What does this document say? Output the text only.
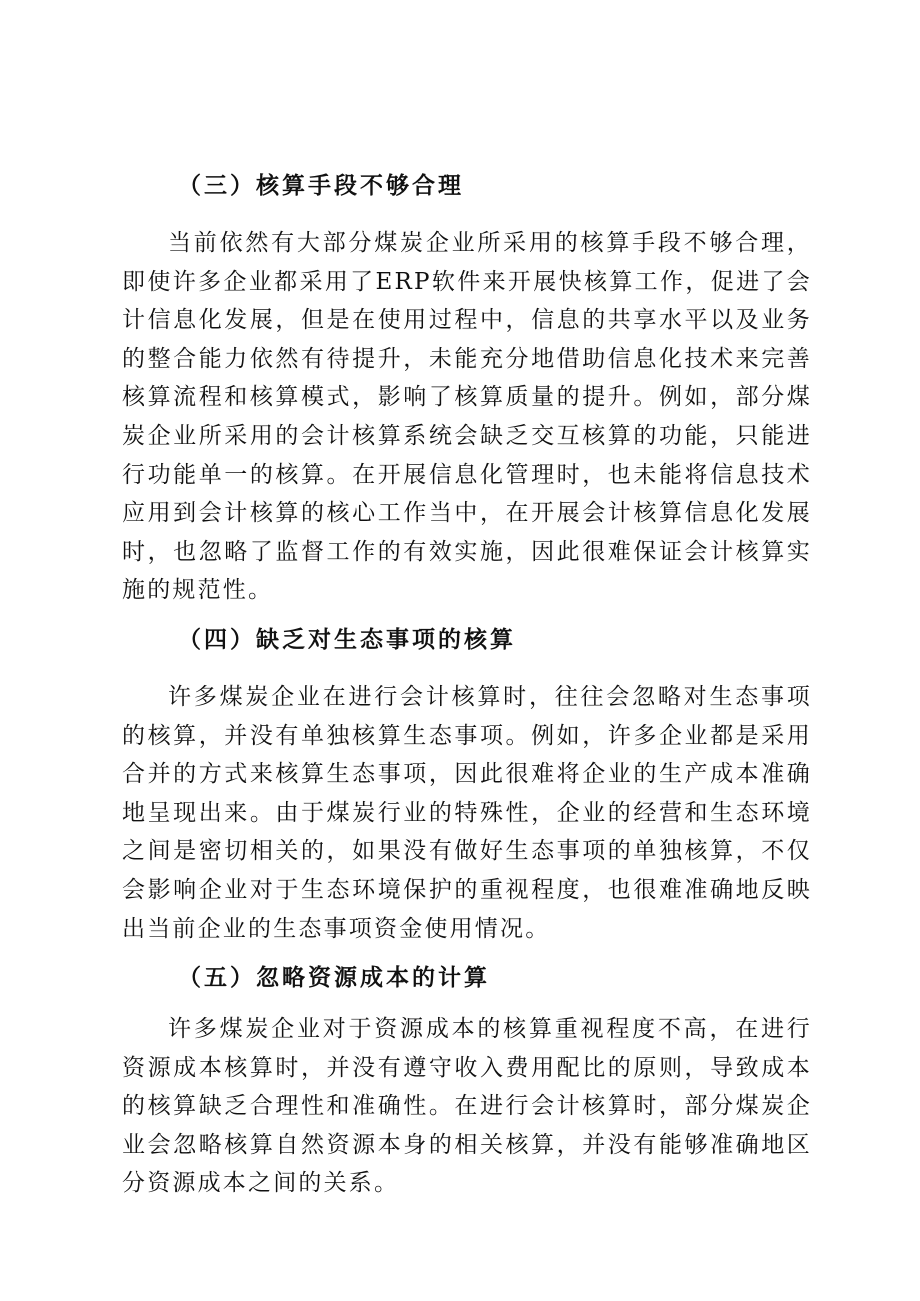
（三）核算手段不够合理

当前依然有大部分煤炭企业所采用的核算手段不够合理，即使许多企业都采用了ERP软件来开展快核算工作，促进了会计信息化发展，但是在使用过程中，信息的共享水平以及业务的整合能力依然有待提升，未能充分地借助信息化技术来完善核算流程和核算模式，影响了核算质量的提升。例如，部分煤炭企业所采用的会计核算系统会缺乏交互核算的功能，只能进行功能单一的核算。在开展信息化管理时，也未能将信息技术应用到会计核算的核心工作当中，在开展会计核算信息化发展时，也忽略了监督工作的有效实施，因此很难保证会计核算实施的规范性。

（四）缺乏对生态事项的核算

许多煤炭企业在进行会计核算时，往往会忽略对生态事项的核算，并没有单独核算生态事项。例如，许多企业都是采用合并的方式来核算生态事项，因此很难将企业的生产成本准确地呈现出来。由于煤炭行业的特殊性，企业的经营和生态环境之间是密切相关的，如果没有做好生态事项的单独核算，不仅会影响企业对于生态环境保护的重视程度，也很难准确地反映出当前企业的生态事项资金使用情况。

（五）忽略资源成本的计算

许多煤炭企业对于资源成本的核算重视程度不高，在进行资源成本核算时，并没有遵守收入费用配比的原则，导致成本的核算缺乏合理性和准确性。在进行会计核算时，部分煤炭企业会忽略核算自然资源本身的相关核算，并没有能够准确地区分资源成本之间的关系。
